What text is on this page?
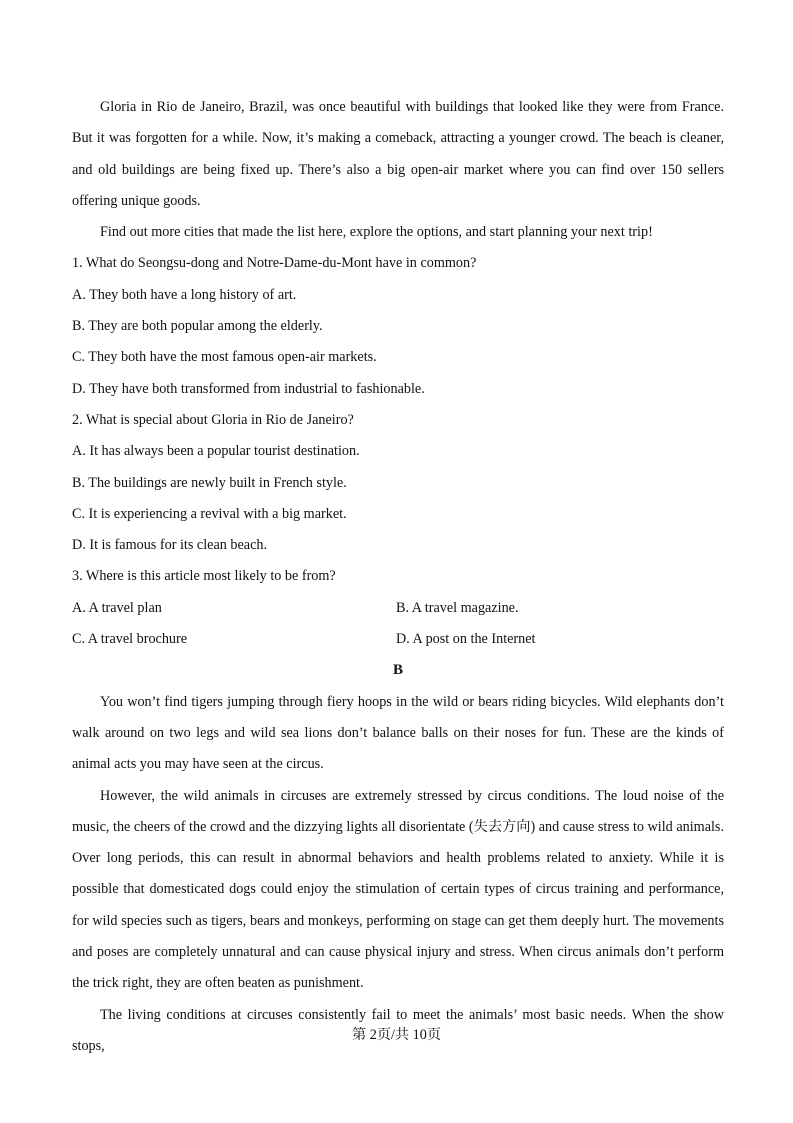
Gloria in Rio de Janeiro, Brazil, was once beautiful with buildings that looked like they were from France. But it was forgotten for a while. Now, it’s making a comeback, attracting a younger crowd. The beach is cleaner, and old buildings are being fixed up. There’s also a big open-air market where you can find over 150 sellers offering unique goods.

Find out more cities that made the list here, explore the options, and start planning your next trip!

1. What do Seongsu-dong and Notre-Dame-du-Mont have in common?

A. They both have a long history of art.

B. They are both popular among the elderly.

C. They both have the most famous open-air markets.

D. They have both transformed from industrial to fashionable.

2. What is special about Gloria in Rio de Janeiro?

A. It has always been a popular tourist destination.

B. The buildings are newly built in French style.

C. It is experiencing a revival with a big market.

D. It is famous for its clean beach.

3. Where is this article most likely to be from?

A. A travel plan	B. A travel magazine.
C. A travel brochure	D. A post on the Internet

B

You won’t find tigers jumping through fiery hoops in the wild or bears riding bicycles. Wild elephants don’t walk around on two legs and wild sea lions don’t balance balls on their noses for fun. These are the kinds of animal acts you may have seen at the circus.

However, the wild animals in circuses are extremely stressed by circus conditions. The loud noise of the music, the cheers of the crowd and the dizzying lights all disorientate (失去方向) and cause stress to wild animals. Over long periods, this can result in abnormal behaviors and health problems related to anxiety. While it is possible that domesticated dogs could enjoy the stimulation of certain types of circus training and performance, for wild species such as tigers, bears and monkeys, performing on stage can get them deeply hurt. The movements and poses are completely unnatural and can cause physical injury and stress. When circus animals don’t perform the trick right, they are often beaten as punishment.

The living conditions at circuses consistently fail to meet the animals’ most basic needs. When the show stops,

第 2页/共 10页
